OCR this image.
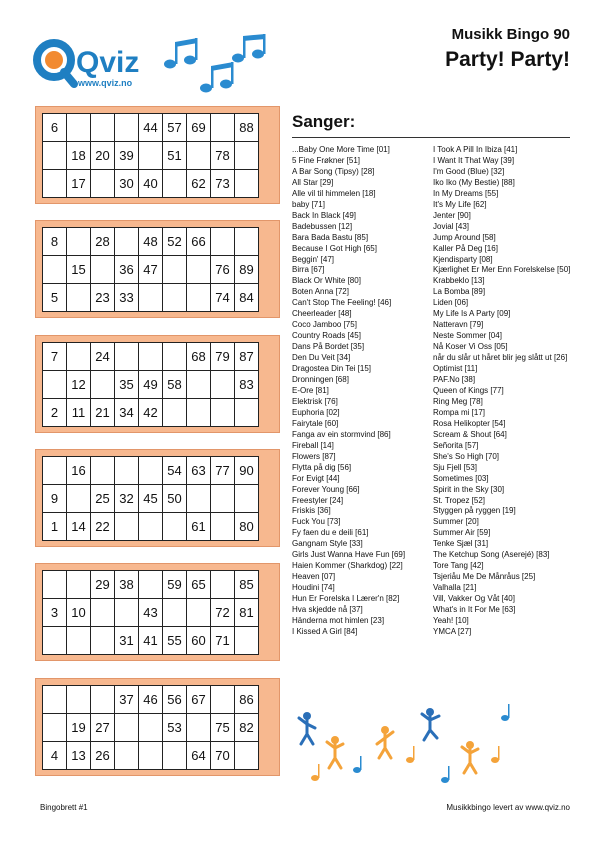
Qviz
www.qviz.no
Musikk Bingo 90
Party! Party!
6				44	57	69		88
	18	20	39		51		78	
	17		30	40		62	73	
8		28		48	52	66		
	15		36	47			76	89
5		23	33				74	84
7		24				68	79	87
	12		35	49	58			83
2	11	21	34	42				
	16				54	63	77	90
9		25	32	45	50			
1	14	22				61		80
		29	38		59	65		85
3	10			43			72	81
			31	41	55	60	71	
			37	46	56	67		86
	19	27			53		75	82
4	13	26				64	70	
Sanger:
...Baby One More Time [01]
5 Fine Frøkner [51]
A Bar Song (Tipsy) [28]
All Star [29]
Alle vil til himmelen [18]
baby [71]
Back In Black [49]
Badebussen [12]
Bara Bada Bastu [85]
Because I Got High [65]
Beggin' [47]
Birra [67]
Black Or White [80]
Boten Anna [72]
Can't Stop The Feeling! [46]
Cheerleader [48]
Coco Jamboo [75]
Country Roads [45]
Dans På Bordet [35]
Den Du Veit [34]
Dragostea Din Tei [15]
Dronningen [68]
E-Ore [81]
Elektrisk [76]
Euphoria [02]
Fairytale [60]
Fanga av ein stormvind [86]
Fireball [14]
Flowers [87]
Flytta på dig [56]
For Evigt [44]
Forever Young [66]
Freestyler [24]
Friskis [36]
Fuck You [73]
Fy faen du e deili [61]
Gangnam Style [33]
Girls Just Wanna Have Fun [69]
Haien Kommer (Sharkdog) [22]
Heaven [07]
Houdini [74]
Hun Er Forelska I Lærer'n [82]
Hva skjedde nå [37]
Händerna mot himlen [23]
I Kissed A Girl [84]
I Took A Pill In Ibiza [41]
I Want It That Way [39]
I'm Good (Blue) [32]
Iko Iko (My Bestie) [88]
In My Dreams [55]
It's My Life [62]
Jenter [90]
Jovial [43]
Jump Around [58]
Kaller På Deg [16]
Kjendisparty [08]
Kjærlighet Er Mer Enn Forelskelse [50]
Krabbeklo [13]
La Bomba [89]
Liden [06]
My Life Is A Party [09]
Natteravn [79]
Neste Sommer [04]
Nå Koser Vi Oss [05]
når du slår ut håret blir jeg slått ut [26]
Optimist [11]
PAF.No [38]
Queen of Kings [77]
Ring Meg [78]
Rompa mi [17]
Rosa Helikopter [54]
Scream & Shout [64]
Señorita [57]
She's So High [70]
Sju Fjell [53]
Sometimes [03]
Spirit in the Sky [30]
St. Tropez [52]
Styggen på ryggen [19]
Summer [20]
Summer Air [59]
Tenke Sjæl [31]
The Ketchup Song (Aserejé) [83]
Tore Tang [42]
Tsjeriåu Me De Månråus [25]
Valhalla [21]
Vill, Vakker Og Våt [40]
What's in It For Me [63]
Yeah! [10]
YMCA [27]
Bingobrett #1	Musikkbingo levert av www.qviz.no
